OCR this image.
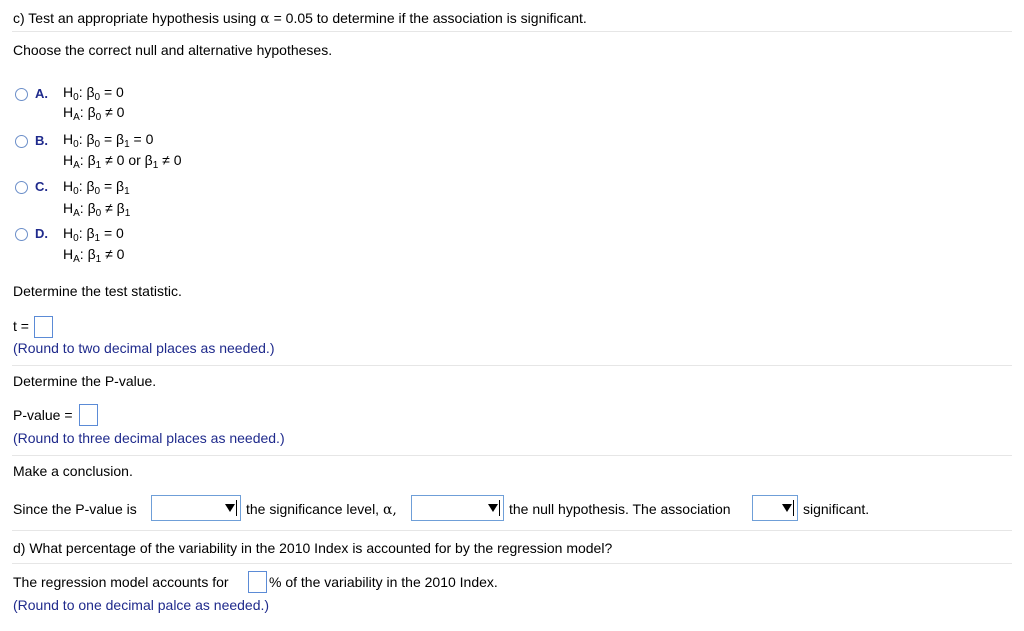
c) Test an appropriate hypothesis using α = 0.05 to determine if the association is significant.
Choose the correct null and alternative hypotheses.
A. $H_0$: $\beta_0 = 0$
$H_A$: $\beta_0 \ne 0$
B. $H_0$: $\beta_0 = \beta_1 = 0$
$H_A$: $\beta_1 \ne 0$ or $\beta_1 \ne 0$
C. $H_0$: $\beta_0 = \beta_1$
$H_A$: $\beta_0 \ne \beta_1$
D. $H_0$: $\beta_1 = 0$
$H_A$: $\beta_1 \ne 0$
Determine the test statistic.
t =
(Round to two decimal places as needed.)
Determine the P-value.
P-value =
(Round to three decimal places as needed.)
Make a conclusion.
Since the P-value is	the significance level, α,	the null hypothesis. The association	significant.
d) What percentage of the variability in the 2010 Index is accounted for by the regression model?
The regression model accounts for	% of the variability in the 2010 Index.
(Round to one decimal palce as needed.)
